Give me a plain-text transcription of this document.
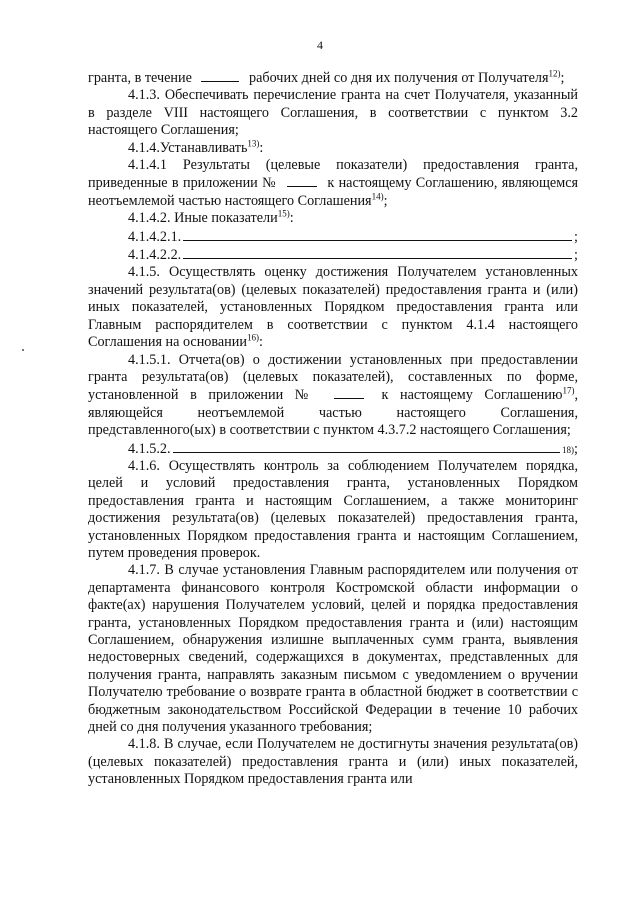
4

гранта, в течение	рабочих дней со дня их получения от Получателя$^{12)}$;

4.1.3. Обеспечивать перечисление гранта на счет Получателя, указанный в разделе VIII настоящего Соглашения, в соответствии с пунктом 3.2 настоящего Соглашения;

4.1.4.Устанавливать$^{13)}$:

4.1.4.1 Результаты (целевые показатели) предоставления гранта, приведенные в приложении №	к настоящему Соглашению, являющемся неотъемлемой частью настоящего Соглашения$^{14)}$;

4.1.4.2. Иные показатели$^{15)}$:

4.1.4.2.1.	;
4.1.4.2.2.	;

4.1.5. Осуществлять оценку достижения Получателем установленных значений результата(ов) (целевых показателей) предоставления гранта и (или) иных показателей, установленных Порядком предоставления гранта или Главным распорядителем в соответствии с пунктом 4.1.4 настоящего Соглашения на основании$^{16)}$:

4.1.5.1. Отчета(ов) о достижении установленных при предоставлении гранта результата(ов) (целевых показателей), составленных по форме, установленной в приложении №	к настоящему Соглашению$^{17)}$, являющейся неотъемлемой частью настоящего Соглашения, представленного(ых) в соответствии с пунктом 4.3.7.2 настоящего Соглашения;

4.1.5.2.	18) ;

4.1.6. Осуществлять контроль за соблюдением Получателем порядка, целей и условий предоставления гранта, установленных Порядком предоставления гранта и настоящим Соглашением, а также мониторинг достижения результата(ов) (целевых показателей) предоставления гранта, установленных Порядком предоставления гранта и настоящим Соглашением, путем проведения проверок.

4.1.7. В случае установления Главным распорядителем или получения от департамента финансового контроля Костромской области информации о факте(ах) нарушения Получателем условий, целей и порядка предоставления гранта, установленных Порядком предоставления гранта и (или) настоящим Соглашением, обнаружения излишне выплаченных сумм гранта, выявления недостоверных сведений, содержащихся в документах, представленных для получения гранта, направлять заказным письмом с уведомлением о вручении Получателю требование о возврате гранта в областной бюджет в соответствии с бюджетным законодательством Российской Федерации в течение 10 рабочих дней со дня получения указанного требования;

4.1.8. В случае, если Получателем не достигнуты значения результата(ов) (целевых показателей) предоставления гранта и (или) иных показателей, установленных Порядком предоставления гранта или
